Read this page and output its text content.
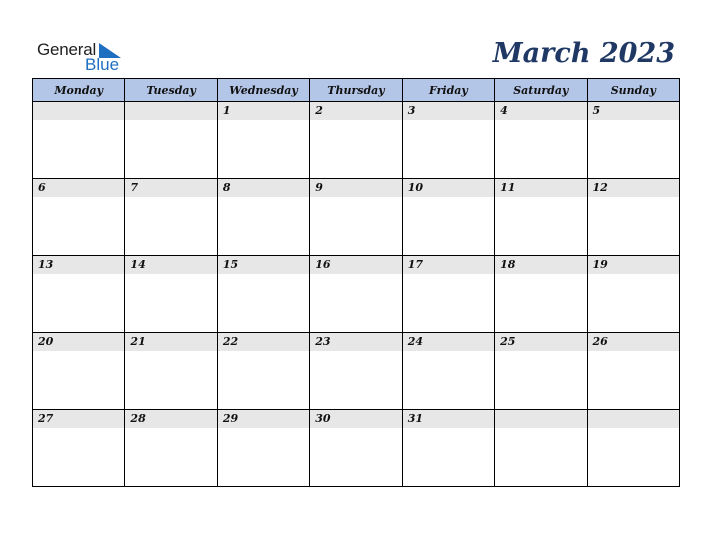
General
Blue	March 2023
Monday	Tuesday	Wednesday	Thursday	Friday	Saturday	Sunday

		1	2	3	4	5

6	7	8	9	10	11	12

13	14	15	16	17	18	19

20	21	22	23	24	25	26

27	28	29	30	31		
